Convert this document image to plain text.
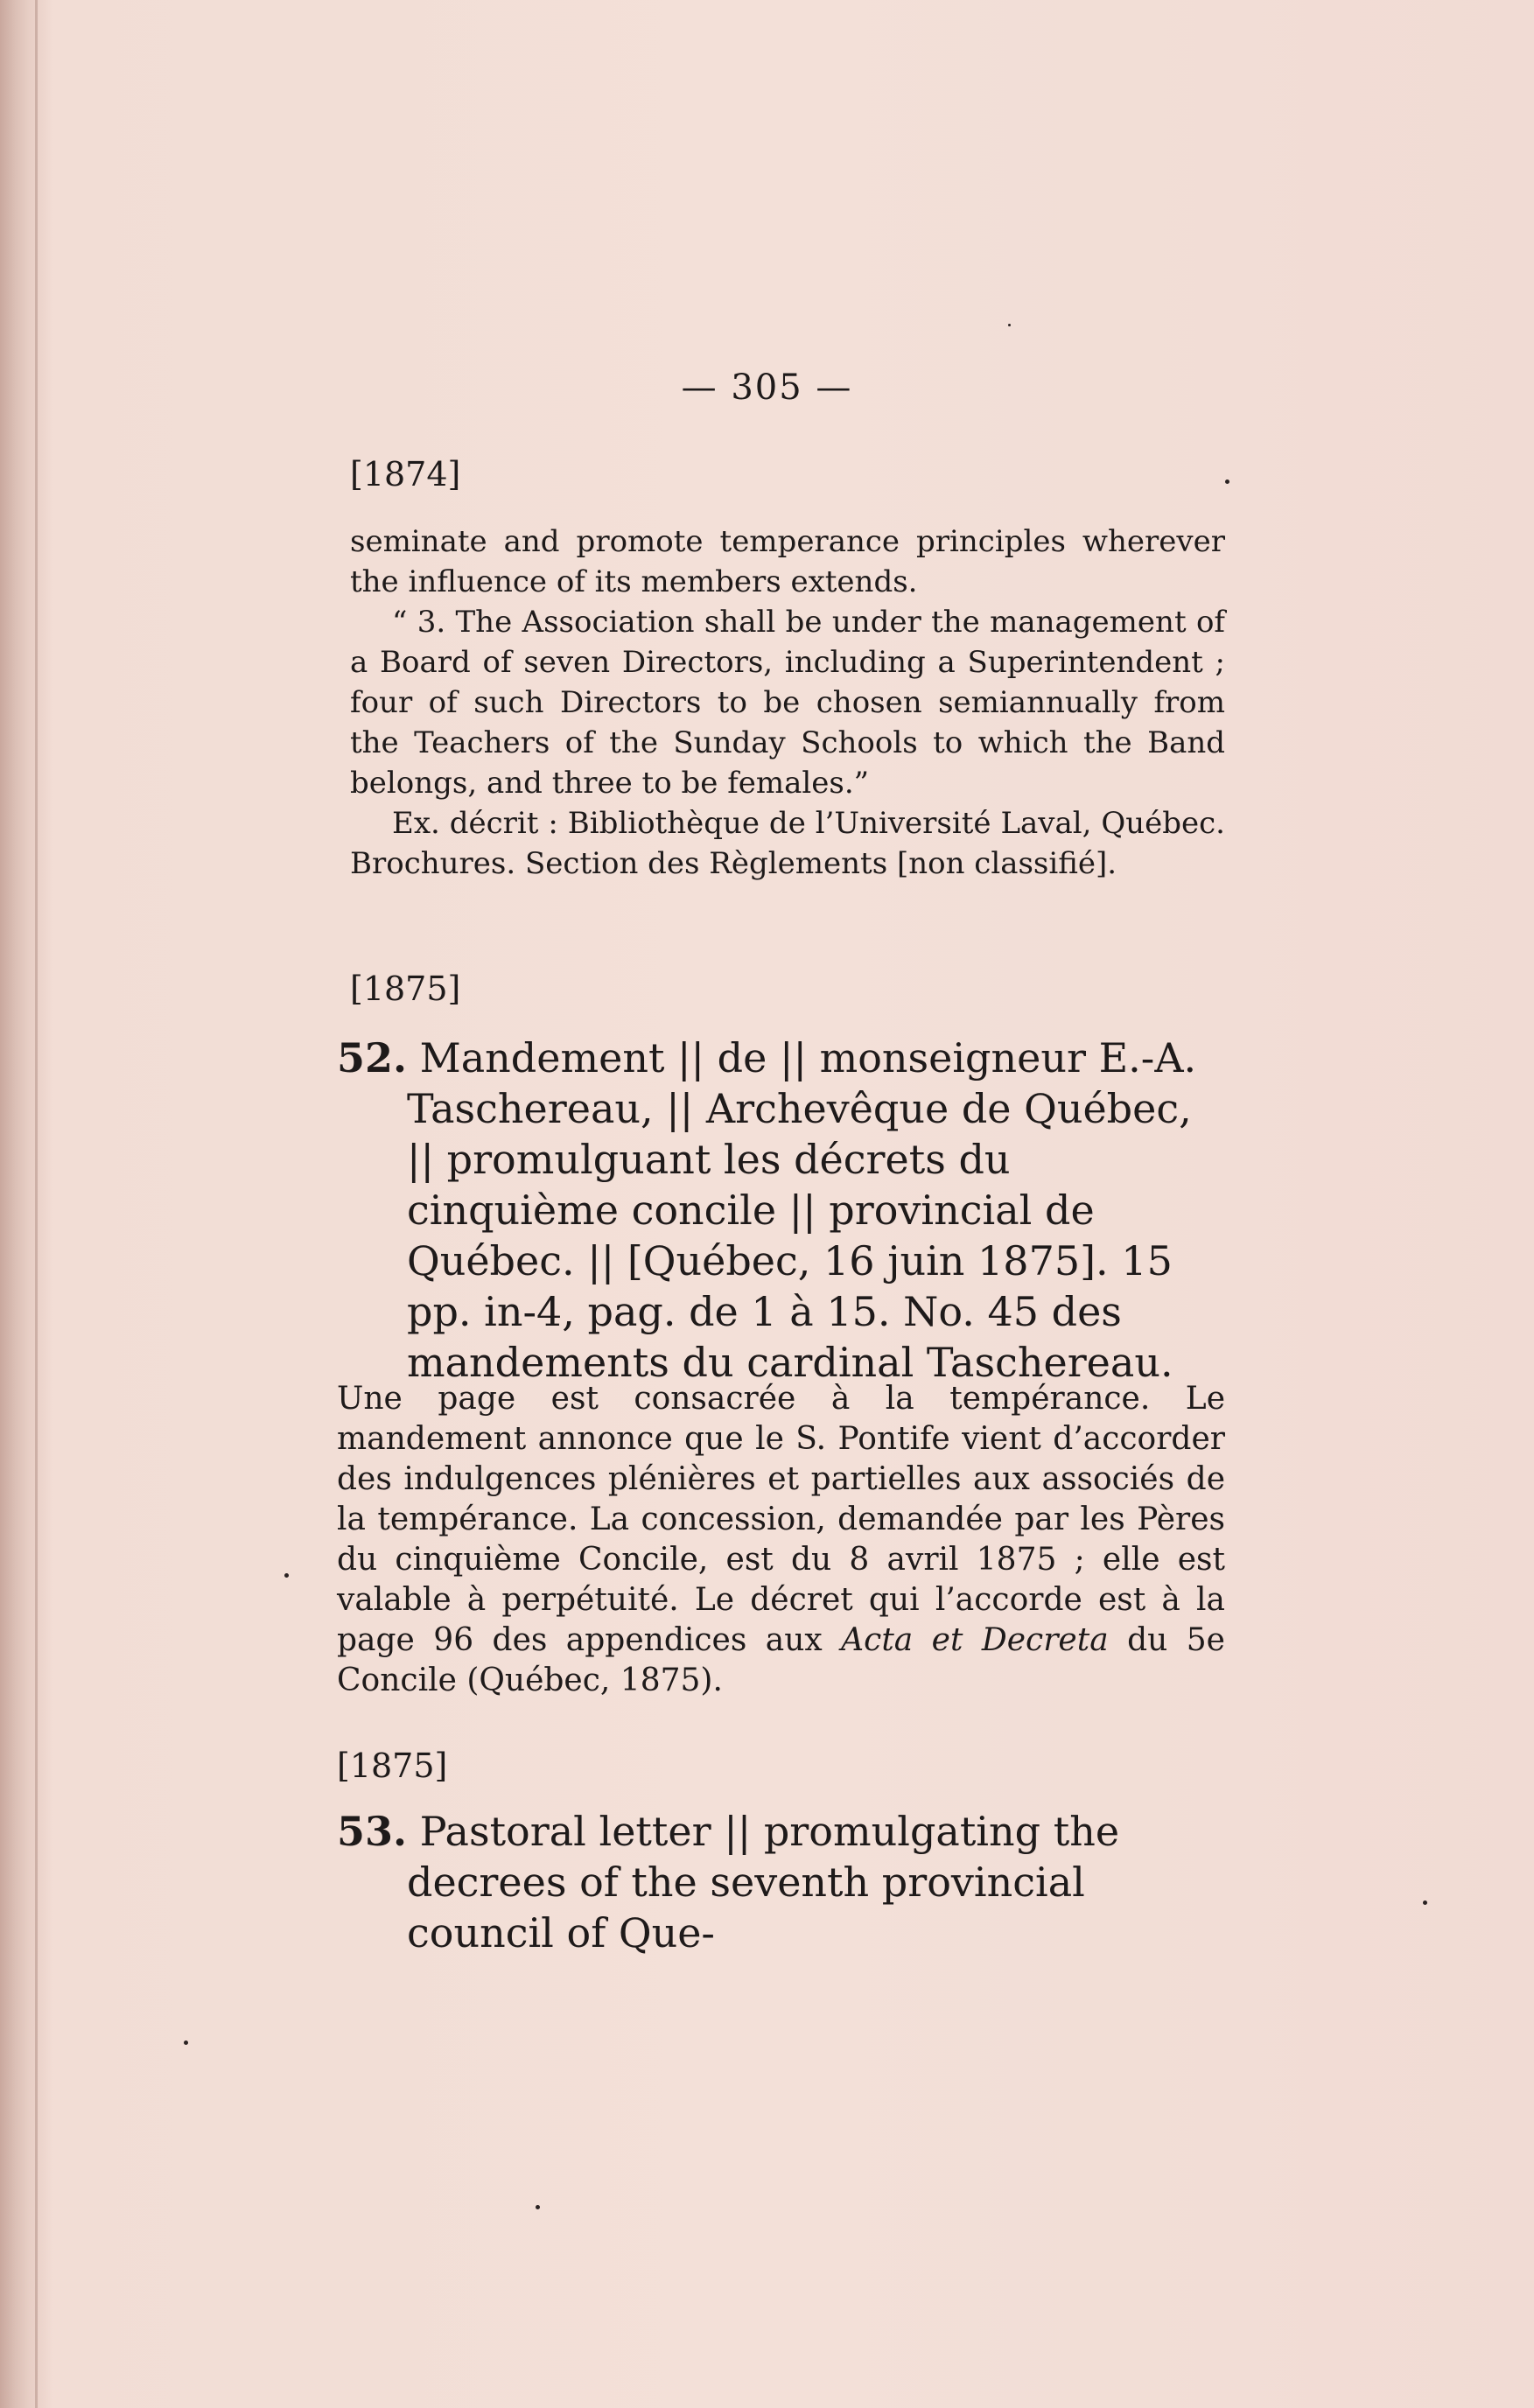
— 305 —
[1874]

seminate and promote temperance principles wherever the influence of its members extends.

“ 3. The Association shall be under the management of a Board of seven Directors, including a Superintendent ; four of such Directors to be chosen semiannually from the Teachers of the Sunday Schools to which the Band belongs, and three to be females.”

Ex. décrit : Bibliothèque de l’Université Laval, Québec. Brochures. Section des Règlements [non classifié].

[1875]

52. Mandement || de || monseigneur E.-A. Taschereau, || Archevêque de Québec, || promulguant les décrets du cinquième concile || provincial de Québec. || [Québec, 16 juin 1875]. 15 pp. in-4, pag. de 1 à 15. No. 45 des mandements du cardinal Taschereau.

Une page est consacrée à la tempérance. Le mandement annonce que le S. Pontife vient d’accorder des indulgences plénières et partielles aux associés de la tempérance. La concession, demandée par les Pères du cinquième Concile, est du 8 avril 1875 ; elle est valable à perpétuité. Le décret qui l’accorde est à la page 96 des appendices aux Acta et Decreta du 5e Concile (Québec, 1875).

[1875]

53. Pastoral letter || promulgating the decrees of the seventh provincial council of Que-
